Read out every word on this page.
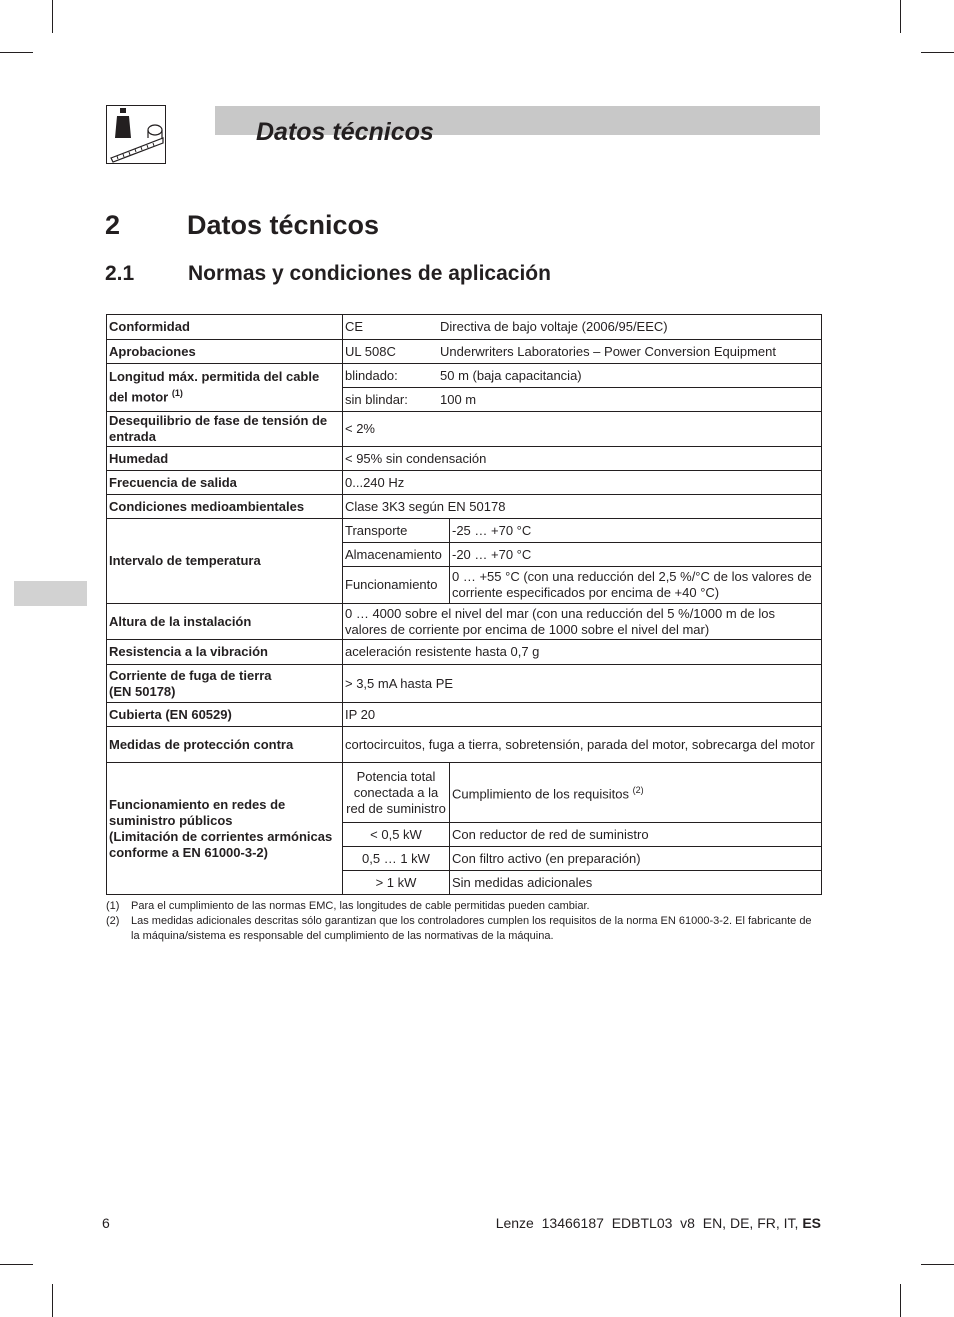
Datos técnicos
2 Datos técnicos
2.1	Normas y condiciones de aplicación
Conformidad	CE Directiva de bajo voltaje (2006/95/EEC)	
Aprobaciones	UL 508C Underwriters Laboratories – Power Conversion Equipment	
Longitud máx. permitida del cable del motor $^{(1)}$	blindado: 50 m (baja capacitancia)	
	sin blindar: 100 m	
Desequilibrio de fase de tensión de entrada	< 2%	
Humedad	< 95% sin condensación	
Frecuencia de salida	0...240 Hz	
Condiciones medioambientales	Clase 3K3 según EN 50178	
Intervalo de temperatura	Transporte	-25 … +70 °C
	Almacenamiento	-20 … +70 °C
	Funcionamiento	0 … +55 °C (con una reducción del 2,5 %/°C de los valores de corriente especificados por encima de +40 °C)
Altura de la instalación	0 … 4000 sobre el nivel del mar (con una reducción del 5 %/1000 m de los valores de corriente por encima de 1000 sobre el nivel del mar)	
Resistencia a la vibración	aceleración resistente hasta 0,7 g	
Corriente de fuga de tierra
(EN 50178)	> 3,5 mA hasta PE	
Cubierta (EN 60529)	IP 20	
Medidas de protección contra	cortocircuitos, fuga a tierra, sobretensión, parada del motor, sobrecarga del motor	
Funcionamiento en redes de suministro públicos
(Limitación de corrientes armónicas conforme a EN 61000-3-2)	Potencia total conectada a la red de suministro	Cumplimiento de los requisitos $^{(2)}$
	< 0,5 kW	Con reductor de red de suministro
	0,5 … 1 kW	Con filtro activo (en preparación)
	> 1 kW	Sin medidas adicionales
(1)	Para el cumplimiento de las normas EMC, las longitudes de cable permitidas pueden cambiar.
(2)	Las medidas adicionales descritas sólo garantizan que los controladores cumplen los requisitos de la norma EN 61000-3-2. El fabricante de la máquina/sistema es responsable del cumplimiento de las normativas de la máquina.
6	Lenze  13466187  EDBTL03  v8  EN, DE, FR, IT, ES
